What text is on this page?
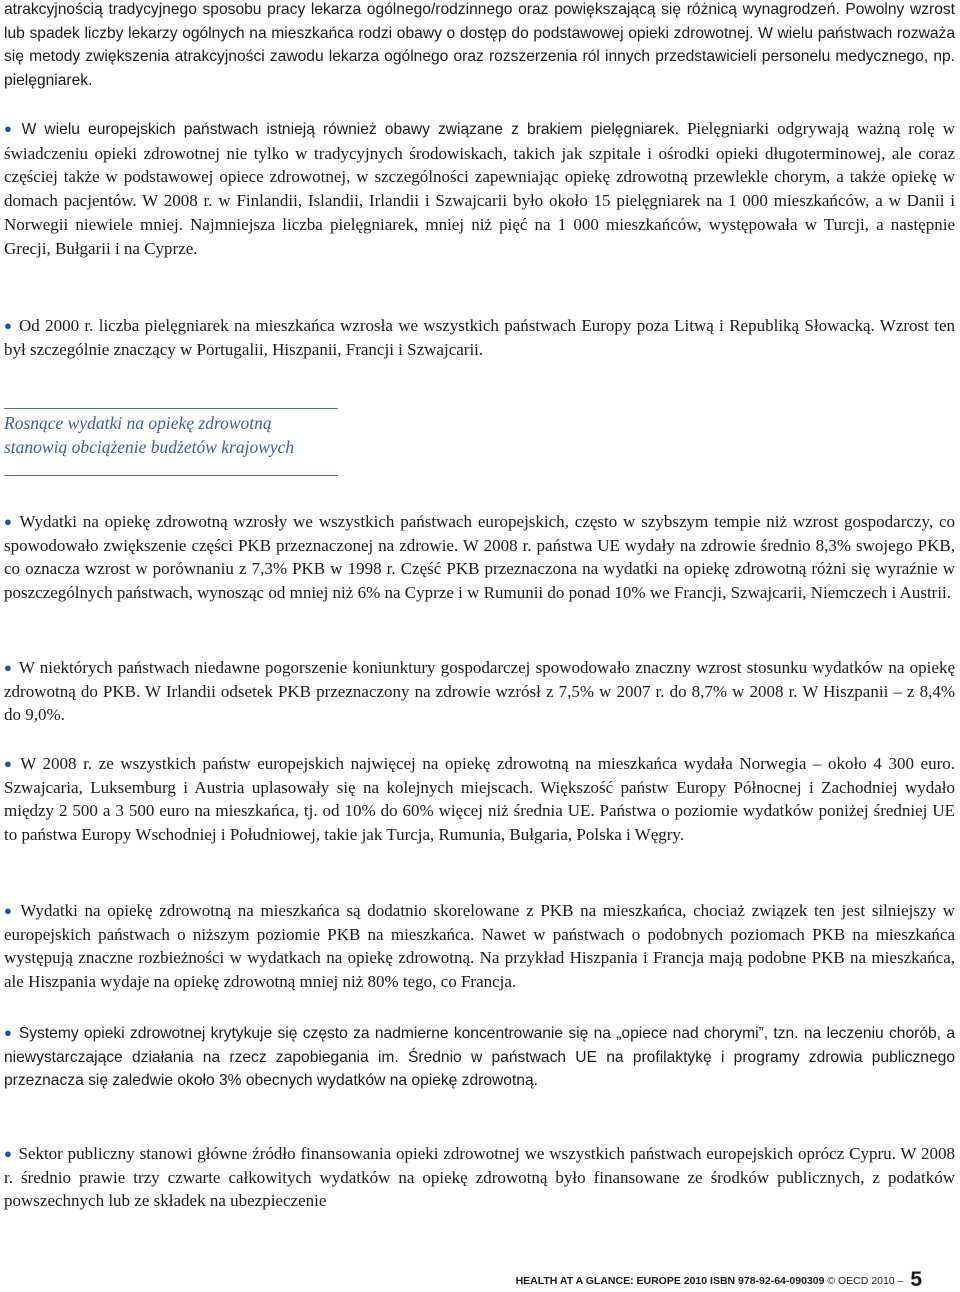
atrakcyjnością tradycyjnego sposobu pracy lekarza ogólnego/rodzinnego oraz powiększającą się różnicą wynagrodzeń. Powolny wzrost lub spadek liczby lekarzy ogólnych na mieszkańca rodzi obawy o dostęp do podstawowej opieki zdrowotnej. W wielu państwach rozważa się metody zwiększenia atrakcyjności zawodu lekarza ogólnego oraz rozszerzenia ról innych przedstawicieli personelu medycznego, np. pielęgniarek.

● W wielu europejskich państwach istnieją również obawy związane z brakiem pielęgniarek. Pielęgniarki odgrywają ważną rolę w świadczeniu opieki zdrowotnej nie tylko w tradycyjnych środowiskach, takich jak szpitale i ośrodki opieki długoterminowej, ale coraz częściej także w podstawowej opiece zdrowotnej, w szczególności zapewniając opiekę zdrowotną przewlekle chorym, a także opiekę w domach pacjentów. W 2008 r. w Finlandii, Islandii, Irlandii i Szwajcarii było około 15 pielęgniarek na 1 000 mieszkańców, a w Danii i Norwegii niewiele mniej. Najmniejsza liczba pielęgniarek, mniej niż pięć na 1 000 mieszkańców, występowała w Turcji, a następnie Grecji, Bułgarii i na Cyprze.

● Od 2000 r. liczba pielęgniarek na mieszkańca wzrosła we wszystkich państwach Europy poza Litwą i Republiką Słowacką. Wzrost ten był szczególnie znaczący w Portugalii, Hiszpanii, Francji i Szwajcarii.

Rosnące wydatki na opiekę zdrowotną
stanowią obciążenie budżetów krajowych

● Wydatki na opiekę zdrowotną wzrosły we wszystkich państwach europejskich, często w szybszym tempie niż wzrost gospodarczy, co spowodowało zwiększenie części PKB przeznaczonej na zdrowie. W 2008 r. państwa UE wydały na zdrowie średnio 8,3% swojego PKB, co oznacza wzrost w porównaniu z 7,3% PKB w 1998 r. Część PKB przeznaczona na wydatki na opiekę zdrowotną różni się wyraźnie w poszczególnych państwach, wynosząc od mniej niż 6% na Cyprze i w Rumunii do ponad 10% we Francji, Szwajcarii, Niemczech i Austrii.

● W niektórych państwach niedawne pogorszenie koniunktury gospodarczej spowodowało znaczny wzrost stosunku wydatków na opiekę zdrowotną do PKB. W Irlandii odsetek PKB przeznaczony na zdrowie wzrósł z 7,5% w 2007 r. do 8,7% w 2008 r. W Hiszpanii – z 8,4% do 9,0%.

● W 2008 r. ze wszystkich państw europejskich najwięcej na opiekę zdrowotną na mieszkańca wydała Norwegia – około 4 300 euro. Szwajcaria, Luksemburg i Austria uplasowały się na kolejnych miejscach. Większość państw Europy Północnej i Zachodniej wydało między 2 500 a 3 500 euro na mieszkańca, tj. od 10% do 60% więcej niż średnia UE. Państwa o poziomie wydatków poniżej średniej UE to państwa Europy Wschodniej i Południowej, takie jak Turcja, Rumunia, Bułgaria, Polska i Węgry.

● Wydatki na opiekę zdrowotną na mieszkańca są dodatnio skorelowane z PKB na mieszkańca, chociaż związek ten jest silniejszy w europejskich państwach o niższym poziomie PKB na mieszkańca. Nawet w państwach o podobnych poziomach PKB na mieszkańca występują znaczne rozbieżności w wydatkach na opiekę zdrowotną. Na przykład Hiszpania i Francja mają podobne PKB na mieszkańca, ale Hiszpania wydaje na opiekę zdrowotną mniej niż 80% tego, co Francja.

● Systemy opieki zdrowotnej krytykuje się często za nadmierne koncentrowanie się na „opiece nad chorymi”, tzn. na leczeniu chorób, a niewystarczające działania na rzecz zapobiegania im. Średnio w państwach UE na profilaktykę i programy zdrowia publicznego przeznacza się zaledwie około 3% obecnych wydatków na opiekę zdrowotną.

● Sektor publiczny stanowi główne źródło finansowania opieki zdrowotnej we wszystkich państwach europejskich oprócz Cypru. W 2008 r. średnio prawie trzy czwarte całkowitych wydatków na opiekę zdrowotną było finansowane ze środków publicznych, z podatków powszechnych lub ze składek na ubezpieczenie

HEALTH AT A GLANCE: EUROPE 2010 ISBN 978-92-64-090309 © OECD 2010 – 5
